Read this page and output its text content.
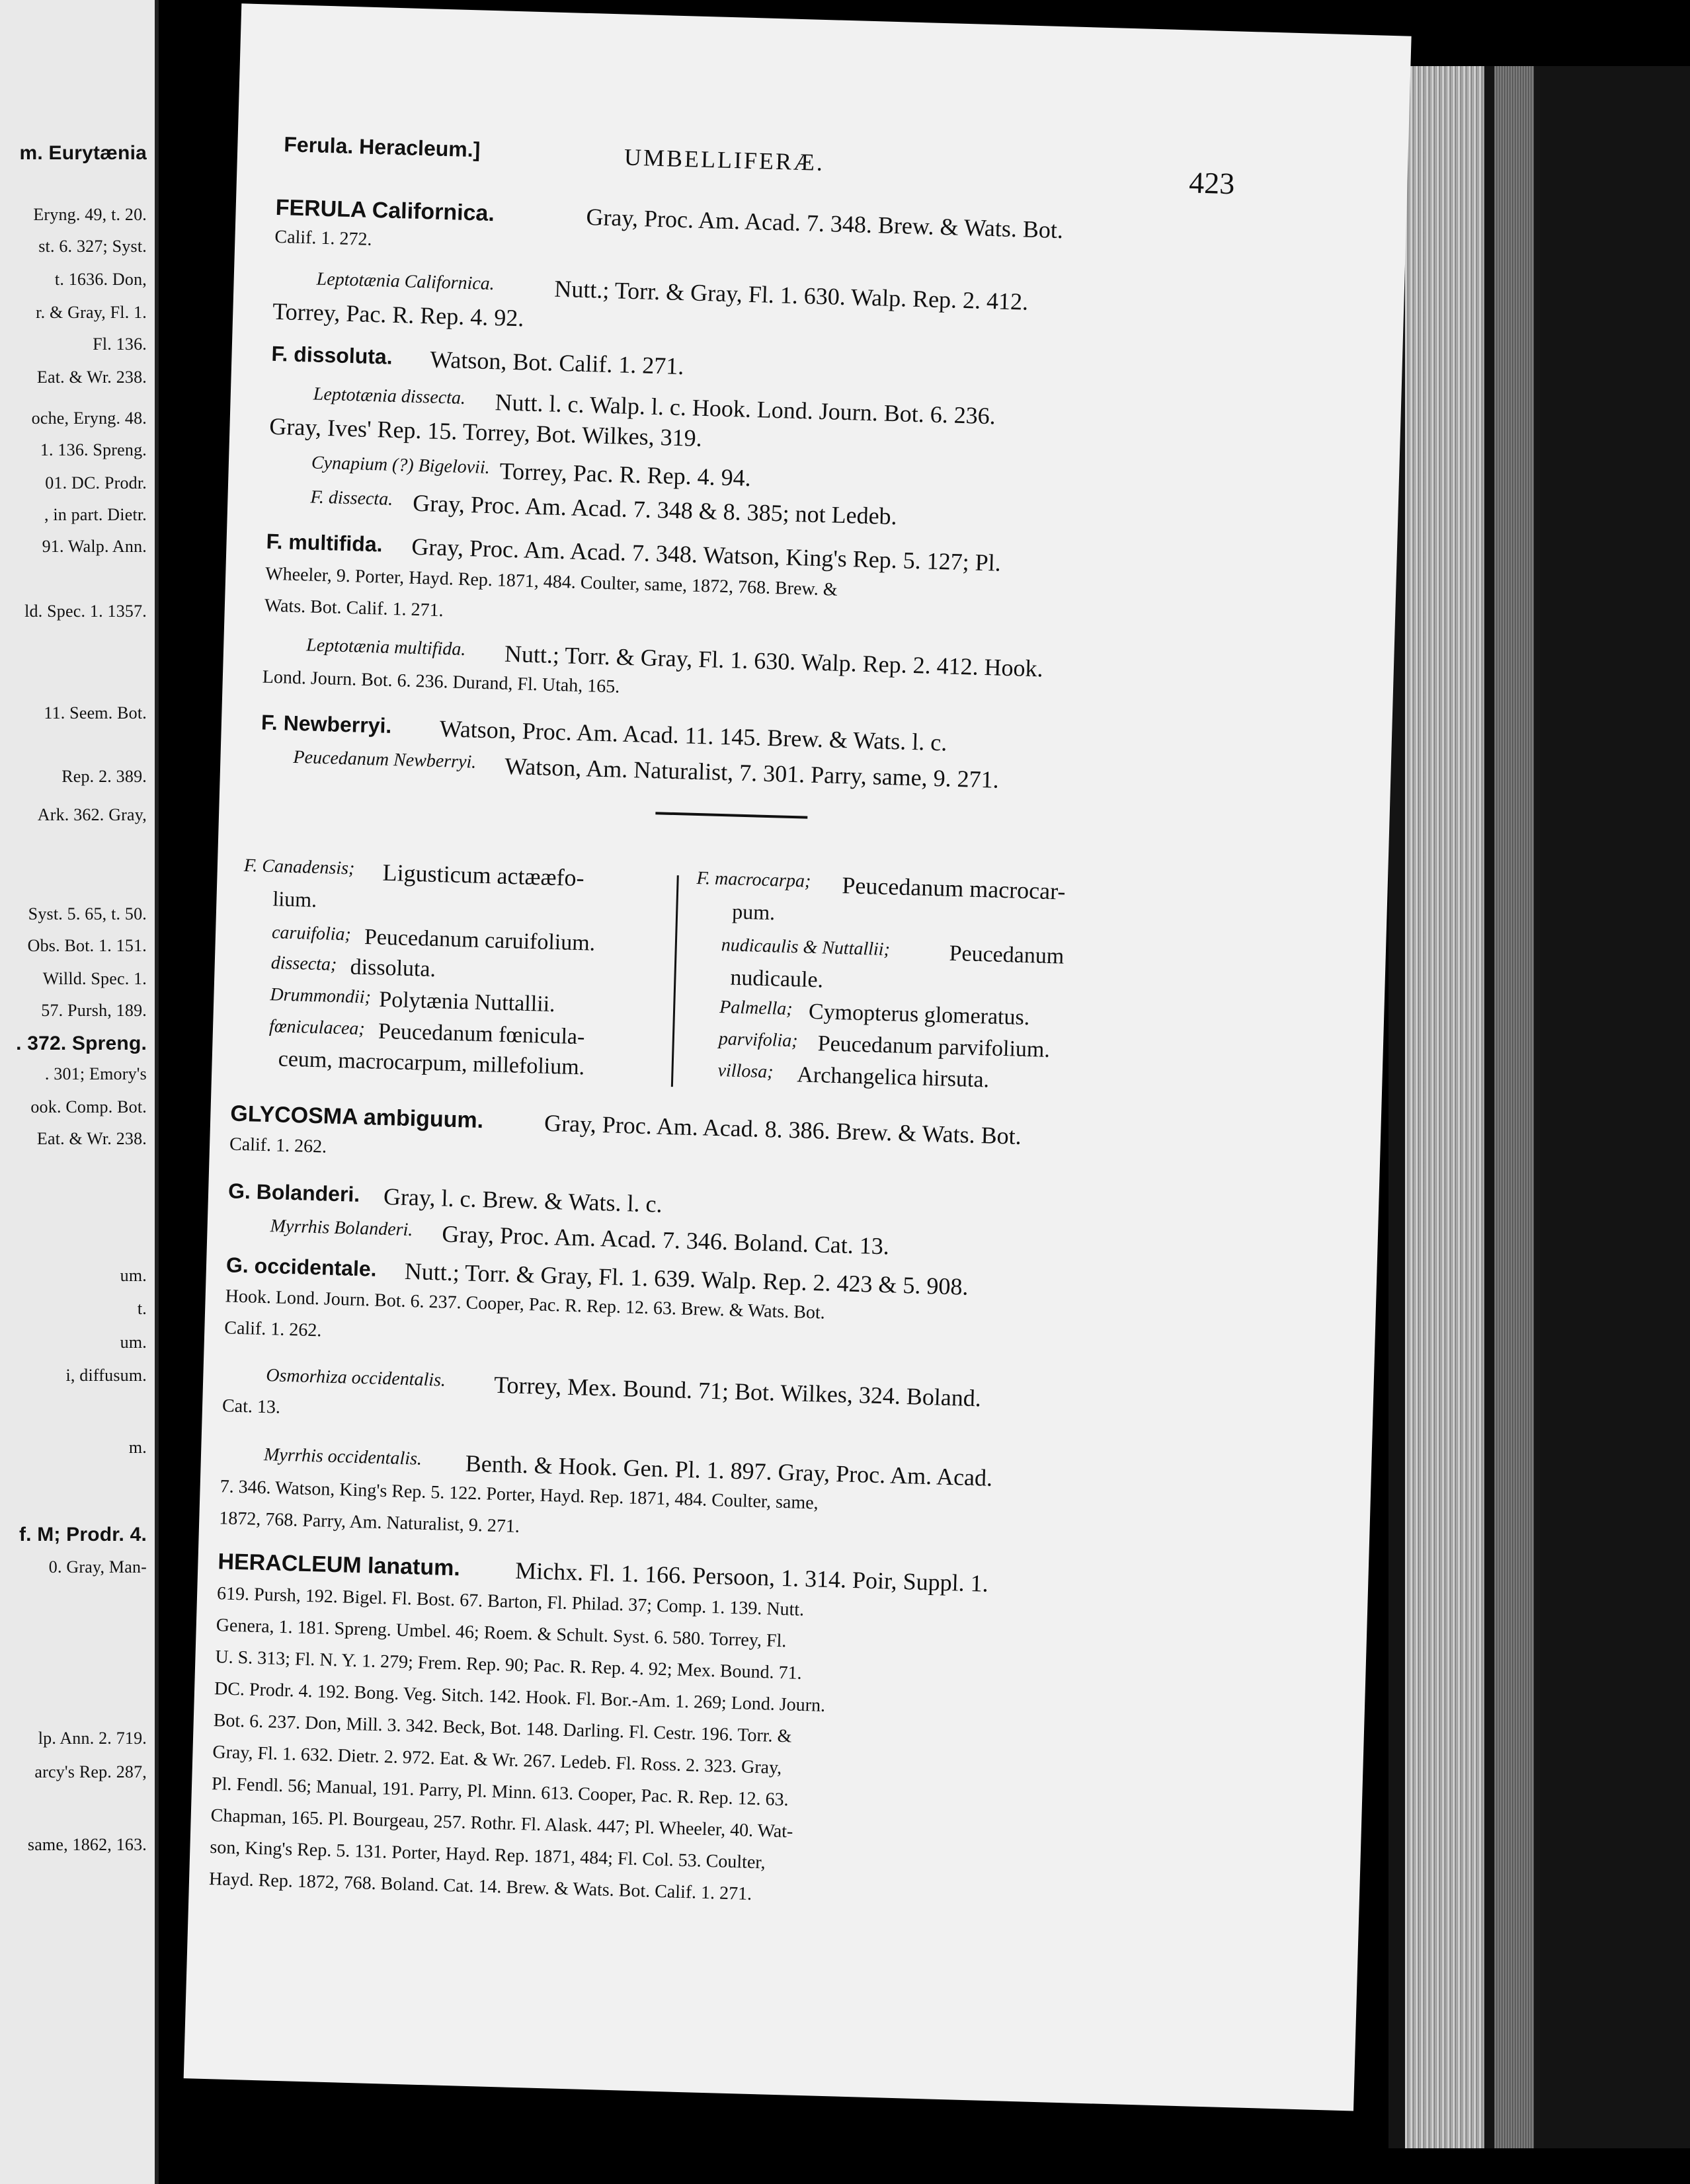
m. Eurytænia
Eryng. 49, t. 20.
st. 6. 327; Syst.
t. 1636. Don,
r. & Gray, Fl. 1.
Fl. 136.
Eat. & Wr. 238.
oche, Eryng. 48.
1. 136. Spreng.
01. DC. Prodr.
, in part. Dietr.
91. Walp. Ann.
ld. Spec. 1. 1357.
11. Seem. Bot.
Rep. 2. 389.
Ark. 362. Gray,
Syst. 5. 65, t. 50.
Obs. Bot. 1. 151.
Willd. Spec. 1.
57. Pursh, 189.
. 372. Spreng.
. 301; Emory's
ook. Comp. Bot.
Eat. & Wr. 238.
um.
t.
um.
i, diffusum.
m.
f. M; Prodr. 4.
0. Gray, Man-
lp. Ann. 2. 719.
arcy's Rep. 287,
same, 1862, 163.
Ferula. Heracleum.]	UMBELLIFERÆ.
423
FERULA Californica.	Gray, Proc. Am. Acad. 7. 348. Brew. & Wats. Bot.
Calif. 1. 272.
Leptotænia Californica. Nutt.; Torr. & Gray, Fl. 1. 630. Walp. Rep. 2. 412.
Torrey, Pac. R. Rep. 4. 92.
F. dissoluta. Watson, Bot. Calif. 1. 271.
Leptotænia dissecta. Nutt. l. c. Walp. l. c. Hook. Lond. Journ. Bot. 6. 236.
Gray, Ives' Rep. 15. Torrey, Bot. Wilkes, 319.
Cynapium (?) Bigelovii. Torrey, Pac. R. Rep. 4. 94.
F. dissecta. Gray, Proc. Am. Acad. 7. 348 & 8. 385; not Ledeb.
F. multifida. Gray, Proc. Am. Acad. 7. 348. Watson, King's Rep. 5. 127; Pl.
Wheeler, 9. Porter, Hayd. Rep. 1871, 484. Coulter, same, 1872, 768. Brew. &
Wats. Bot. Calif. 1. 271.
Leptotænia multifida. Nutt.; Torr. & Gray, Fl. 1. 630. Walp. Rep. 2. 412. Hook.
Lond. Journ. Bot. 6. 236. Durand, Fl. Utah, 165.
F. Newberryi. Watson, Proc. Am. Acad. 11. 145. Brew. & Wats. l. c.
Peucedanum Newberryi. Watson, Am. Naturalist, 7. 301. Parry, same, 9. 271.
F. Canadensis; Ligusticum actææfo-
lium.
caruifolia; Peucedanum caruifolium.
dissecta; dissoluta.
Drummondii; Polytænia Nuttallii.
fœniculacea; Peucedanum fœnicula-
ceum, macrocarpum, millefolium.
F. macrocarpa; Peucedanum macrocar-
pum.
nudicaulis & Nuttallii;	Peucedanum
nudicaule.
Palmella; Cymopterus glomeratus.
parvifolia; Peucedanum parvifolium.
villosa; Archangelica hirsuta.
GLYCOSMA ambiguum.	Gray, Proc. Am. Acad. 8. 386. Brew. & Wats. Bot.
Calif. 1. 262.
G. Bolanderi. Gray, l. c. Brew. & Wats. l. c.
Myrrhis Bolanderi. Gray, Proc. Am. Acad. 7. 346. Boland. Cat. 13.
G. occidentale. Nutt.; Torr. & Gray, Fl. 1. 639. Walp. Rep. 2. 423 & 5. 908.
Hook. Lond. Journ. Bot. 6. 237. Cooper, Pac. R. Rep. 12. 63. Brew. & Wats. Bot.
Calif. 1. 262.
Osmorhiza occidentalis. Torrey, Mex. Bound. 71; Bot. Wilkes, 324. Boland.
Cat. 13.
Myrrhis occidentalis. Benth. & Hook. Gen. Pl. 1. 897. Gray, Proc. Am. Acad.
7. 346. Watson, King's Rep. 5. 122. Porter, Hayd. Rep. 1871, 484. Coulter, same,
1872, 768. Parry, Am. Naturalist, 9. 271.
HERACLEUM lanatum. Michx. Fl. 1. 166. Persoon, 1. 314. Poir, Suppl. 1.
619. Pursh, 192. Bigel. Fl. Bost. 67. Barton, Fl. Philad. 37; Comp. 1. 139. Nutt.
Genera, 1. 181. Spreng. Umbel. 46; Roem. & Schult. Syst. 6. 580. Torrey, Fl.
U. S. 313; Fl. N. Y. 1. 279; Frem. Rep. 90; Pac. R. Rep. 4. 92; Mex. Bound. 71.
DC. Prodr. 4. 192. Bong. Veg. Sitch. 142. Hook. Fl. Bor.-Am. 1. 269; Lond. Journ.
Bot. 6. 237. Don, Mill. 3. 342. Beck, Bot. 148. Darling. Fl. Cestr. 196. Torr. &
Gray, Fl. 1. 632. Dietr. 2. 972. Eat. & Wr. 267. Ledeb. Fl. Ross. 2. 323. Gray,
Pl. Fendl. 56; Manual, 191. Parry, Pl. Minn. 613. Cooper, Pac. R. Rep. 12. 63.
Chapman, 165. Pl. Bourgeau, 257. Rothr. Fl. Alask. 447; Pl. Wheeler, 40. Wat-
son, King's Rep. 5. 131. Porter, Hayd. Rep. 1871, 484; Fl. Col. 53. Coulter,
Hayd. Rep. 1872, 768. Boland. Cat. 14. Brew. & Wats. Bot. Calif. 1. 271.
